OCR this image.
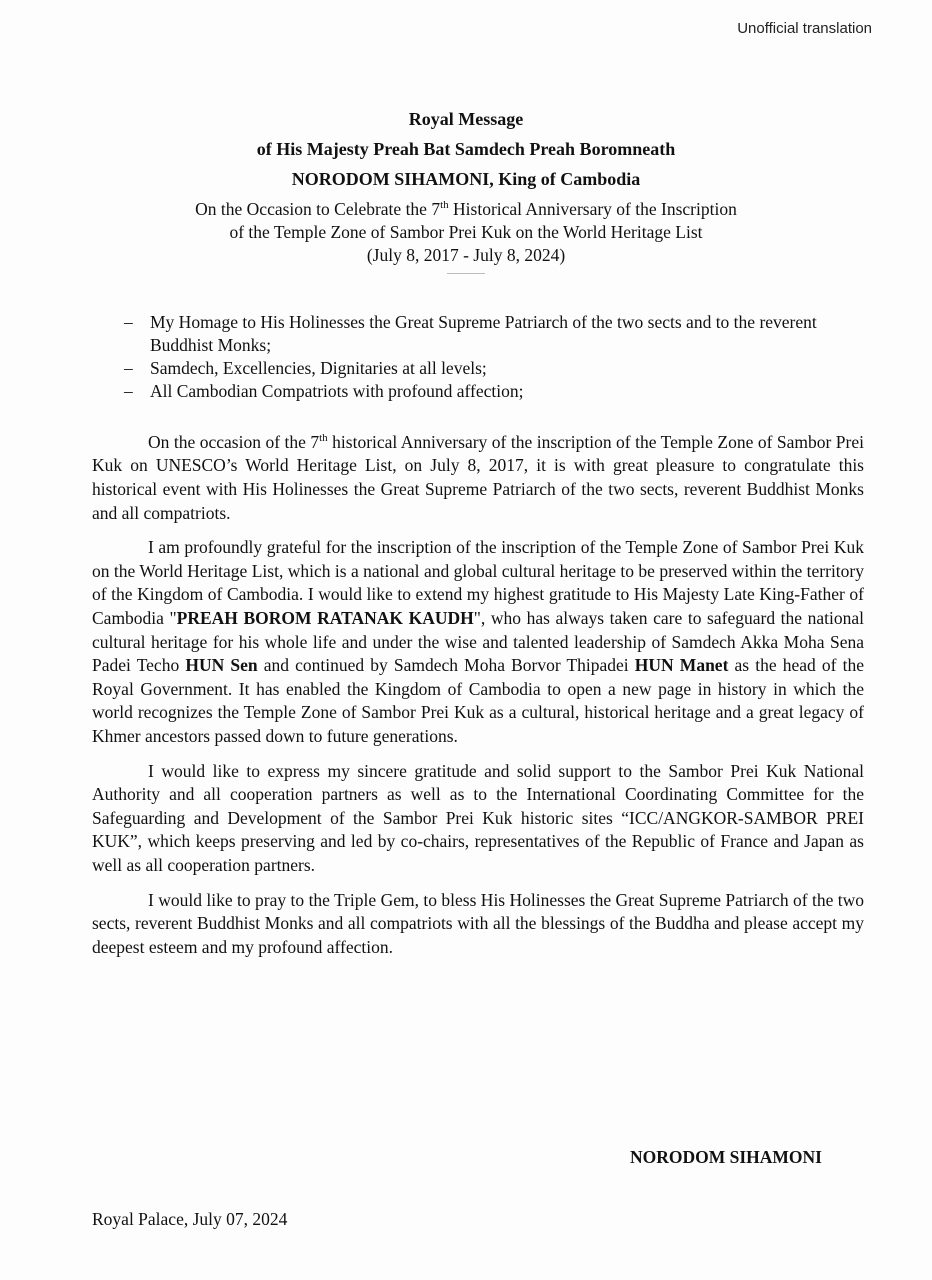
Unofficial translation
Royal Message
of His Majesty Preah Bat Samdech Preah Boromneath
NORODOM SIHAMONI, King of Cambodia
On the Occasion to Celebrate the 7th Historical Anniversary of the Inscription
of the Temple Zone of Sambor Prei Kuk on the World Heritage List
(July 8, 2017 - July 8, 2024)
– My Homage to His Holinesses the Great Supreme Patriarch of the two sects and to the reverent Buddhist Monks;
– Samdech, Excellencies, Dignitaries at all levels;
– All Cambodian Compatriots with profound affection;

On the occasion of the 7th historical Anniversary of the inscription of the Temple Zone of Sambor Prei Kuk on UNESCO’s World Heritage List, on July 8, 2017, it is with great pleasure to congratulate this historical event with His Holinesses the Great Supreme Patriarch of the two sects, reverent Buddhist Monks and all compatriots.

I am profoundly grateful for the inscription of the inscription of the Temple Zone of Sambor Prei Kuk on the World Heritage List, which is a national and global cultural heritage to be preserved within the territory of the Kingdom of Cambodia. I would like to extend my highest gratitude to His Majesty Late King-Father of Cambodia "PREAH BOROM RATANAK KAUDH", who has always taken care to safeguard the national cultural heritage for his whole life and under the wise and talented leadership of Samdech Akka Moha Sena Padei Techo HUN Sen and continued by Samdech Moha Borvor Thipadei HUN Manet as the head of the Royal Government. It has enabled the Kingdom of Cambodia to open a new page in history in which the world recognizes the Temple Zone of Sambor Prei Kuk as a cultural, historical heritage and a great legacy of Khmer ancestors passed down to future generations.

I would like to express my sincere gratitude and solid support to the Sambor Prei Kuk National Authority and all cooperation partners as well as to the International Coordinating Committee for the Safeguarding and Development of the Sambor Prei Kuk historic sites “ICC/ANGKOR-SAMBOR PREI KUK”, which keeps preserving and led by co-chairs, representatives of the Republic of France and Japan as well as all cooperation partners.

I would like to pray to the Triple Gem, to bless His Holinesses the Great Supreme Patriarch of the two sects, reverent Buddhist Monks and all compatriots with all the blessings of the Buddha and please accept my deepest esteem and my profound affection.

NORODOM SIHAMONI
Royal Palace, July 07, 2024
